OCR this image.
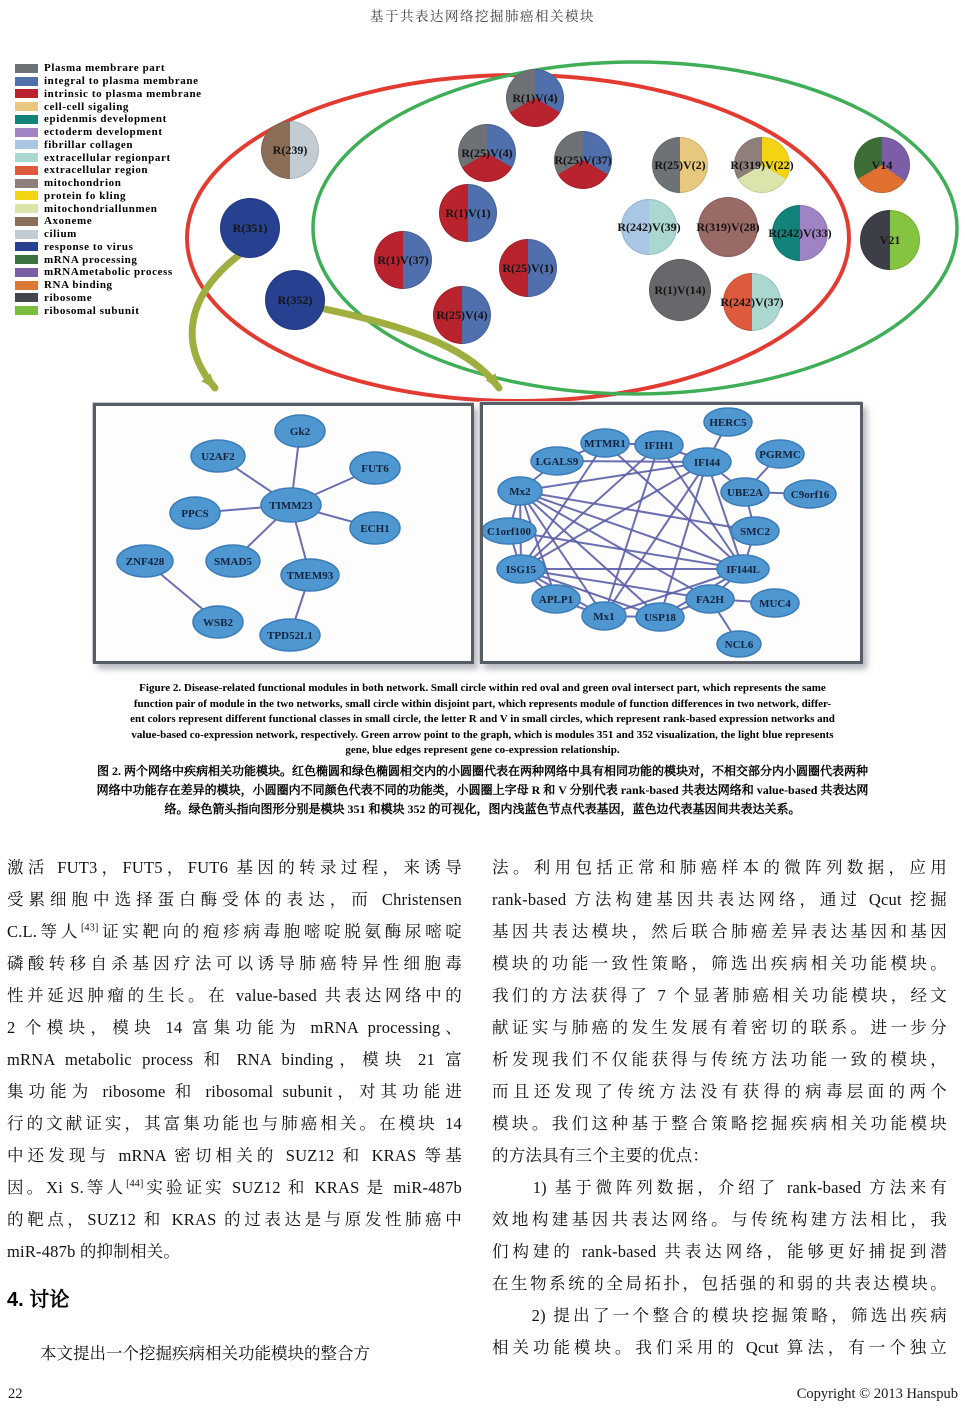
基于共表达网络挖掘肺癌相关模块
Plasma membrare part
integral to plasma membrane
intrinsic to plasma membrane
cell-cell sigaling
epidenmis development
ectoderm development
fibrillar collagen
extracellular regionpart
extracellular region
mitochondrion
protein fo kling
mitochondriallunmen
Axoneme
cilium
response to virus
mRNA processing
mRNAmetabolic process
RNA binding
ribosome
ribosomal subunit
R(239)
R(351)
R(352)
R(1)V(4)
R(25)V(4)	R(25)V(37)
R(1)V(1)
R(1)V(37)
R(25)V(1)
R(25)V(4)
R(25)V(2) R(319)V(22)	V14
R(242)V(39) R(319)V(28) R(242)V(33)	V21
R(1)V(14)
R(242)V(37)
Gk2
U2AF2
FUT6
TIMM23
PPCS
ECH1
SMAD5
TMEM93
ZNF428
WSB2
TPD52L1
HERC5
MTMR1 IFIH1
IFI44
LGALS9
PGRMC
Mx2	UBE2A	C9orf16
C1orf100	SMC2
ISG15	IFI44L
APLP1	FA2H	MUC4
Mx1	USP18
NCL6
Figure 2. Disease-related functional modules in both network. Small circle within red oval and green oval intersect part, which represents the same
function pair of module in the two networks, small circle within disjoint part, which represents module of function differences in two network, differ-
ent colors represent different functional classes in small circle, the letter R and V in small circles, which represent rank-based expression networks and
value-based co-expression network, respectively. Green arrow point to the graph, which is modules 351 and 352 visualization, the light blue represents
gene, blue edges represent gene co-expression relationship.
图 2. 两个网络中疾病相关功能模块。红色椭圆和绿色椭圆相交内的小圆圈代表在两种网络中具有相同功能的模块对，不相交部分内小圆圈代表两种
网络中功能存在差异的模块，小圆圈内不同颜色代表不同的功能类，小圆圈上字母 R 和 V 分别代表 rank-based 共表达网络和 value-based 共表达网
络。绿色箭头指向图形分别是模块 351 和模块 352 的可视化，图内浅蓝色节点代表基因，蓝色边代表基因间共表达关系。
激活 FUT3，FUT5，FUT6 基因的转录过程，来诱导
受累细胞中选择蛋白酶受体的表达，而 Christensen
C.L.等人[43]证实靶向的疱疹病毒胞嘧啶脱氨酶尿嘧啶
磷酸转移自杀基因疗法可以诱导肺癌特异性细胞毒
性并延迟肿瘤的生长。在 value-based 共表达网络中的
2 个模块，模块 14 富集功能为 mRNA processing、
mRNA metabolic process 和 RNA binding，模块 21 富
集功能为 ribosome 和 ribosomal subunit，对其功能进
行的文献证实，其富集功能也与肺癌相关。在模块 14
中还发现与 mRNA 密切相关的 SUZ12 和 KRAS 等基
因。Xi S.等人[44]实验证实 SUZ12 和 KRAS 是 miR-487b
的靶点，SUZ12 和 KRAS 的过表达是与原发性肺癌中
miR-487b 的抑制相关。
4. 讨论
　　本文提出一个挖掘疾病相关功能模块的整合方
法。利用包括正常和肺癌样本的微阵列数据，应用
rank-based 方法构建基因共表达网络，通过 Qcut 挖掘
基因共表达模块，然后联合肺癌差异表达基因和基因
模块的功能一致性策略，筛选出疾病相关功能模块。
我们的方法获得了 7 个显著肺癌相关功能模块，经文
献证实与肺癌的发生发展有着密切的联系。进一步分
析发现我们不仅能获得与传统方法功能一致的模块，
而且还发现了传统方法没有获得的病毒层面的两个
模块。我们这种基于整合策略挖掘疾病相关功能模块
的方法具有三个主要的优点：
　　1) 基于微阵列数据，介绍了 rank-based 方法来有
效地构建基因共表达网络。与传统构建方法相比，我
们构建的 rank-based 共表达网络，能够更好捕捉到潜
在生物系统的全局拓扑，包括强的和弱的共表达模块。
　　2) 提出了一个整合的模块挖掘策略，筛选出疾病
相关功能模块。我们采用的 Qcut 算法，有一个独立
22	Copyright © 2013 Hanspub
